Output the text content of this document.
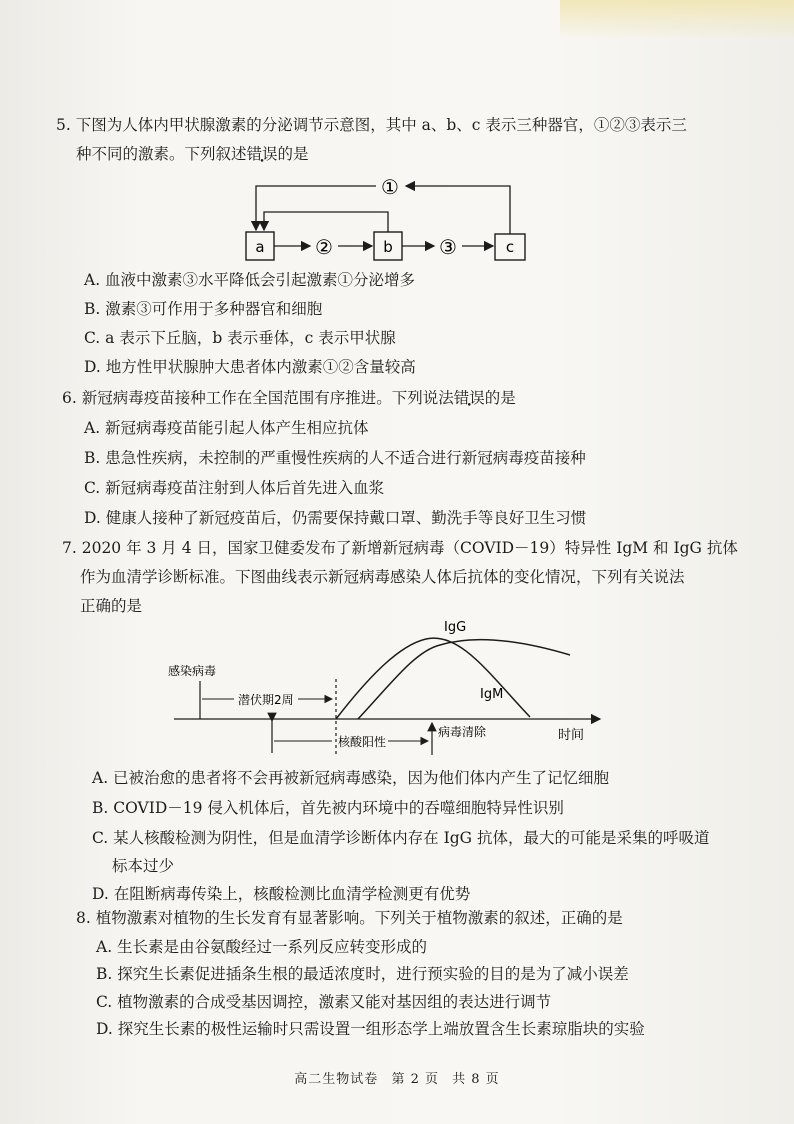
5. 下图为人体内甲状腺激素的分泌调节示意图，其中 a、b、c 表示三种器官，①②③表示三
种不同的激素。下列叙述错误的是
a	b	c
①
②	③
A. 血液中激素③水平降低会引起激素①分泌增多
B. 激素③可作用于多种器官和细胞
C. a 表示下丘脑，b 表示垂体，c 表示甲状腺
D. 地方性甲状腺肿大患者体内激素①②含量较高
6. 新冠病毒疫苗接种工作在全国范围有序推进。下列说法错误的是
A. 新冠病毒疫苗能引起人体产生相应抗体
B. 患急性疾病，未控制的严重慢性疾病的人不适合进行新冠病毒疫苗接种
C. 新冠病毒疫苗注射到人体后首先进入血浆
D. 健康人接种了新冠疫苗后，仍需要保持戴口罩、勤洗手等良好卫生习惯
7. 2020 年 3 月 4 日，国家卫健委发布了新增新冠病毒（COVID－19）特异性 IgM 和 IgG 抗体
作为血清学诊断标准。下图曲线表示新冠病毒感染人体后抗体的变化情况，下列有关说法
正确的是
时间
感染病毒
潜伏期2周
核酸阳性
病毒清除
IgG
IgM
A. 已被治愈的患者将不会再被新冠病毒感染，因为他们体内产生了记忆细胞
B. COVID－19 侵入机体后，首先被内环境中的吞噬细胞特异性识别
C. 某人核酸检测为阴性，但是血清学诊断体内存在 IgG 抗体，最大的可能是采集的呼吸道
标本过少
D. 在阻断病毒传染上，核酸检测比血清学检测更有优势
8. 植物激素对植物的生长发育有显著影响。下列关于植物激素的叙述，正确的是
A. 生长素是由谷氨酸经过一系列反应转变形成的
B. 探究生长素促进插条生根的最适浓度时，进行预实验的目的是为了减小误差
C. 植物激素的合成受基因调控，激素又能对基因组的表达进行调节
D. 探究生长素的极性运输时只需设置一组形态学上端放置含生长素琼脂块的实验
高二生物试卷 第 2 页 共 8 页
